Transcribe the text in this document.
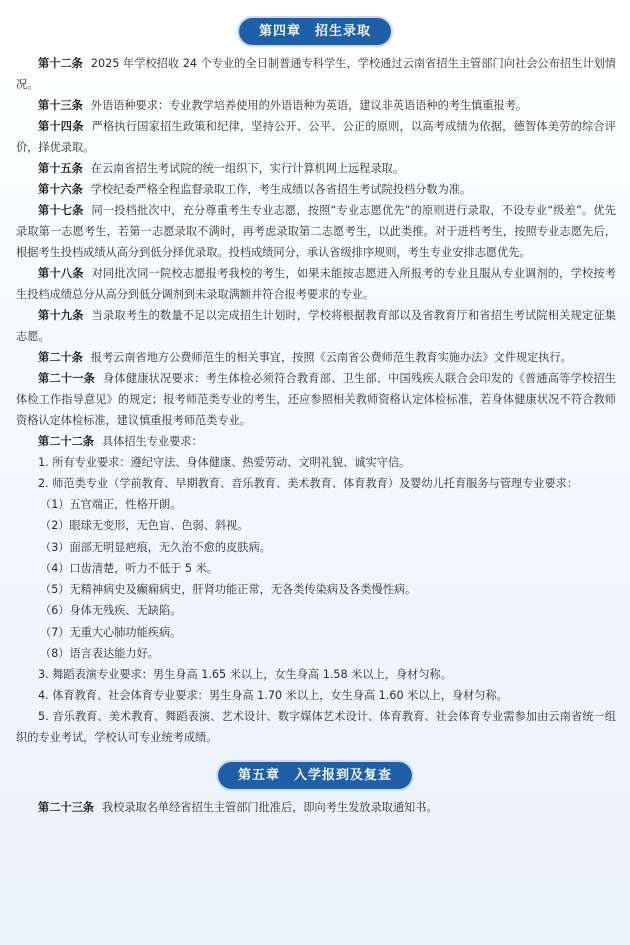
第四章　招生录取

第十二条 2025 年学校招收 24 个专业的全日制普通专科学生，学校通过云南省招生主管部门向社会公布招生计划情况。

第十三条 外语语种要求：专业教学培养使用的外语语种为英语，建议非英语语种的考生慎重报考。

第十四条 严格执行国家招生政策和纪律，坚持公开、公平、公正的原则，以高考成绩为依据，德智体美劳的综合评价，择优录取。

第十五条 在云南省招生考试院的统一组织下，实行计算机网上远程录取。

第十六条 学校纪委严格全程监督录取工作，考生成绩以各省招生考试院投档分数为准。

第十七条 同一投档批次中，充分尊重考生专业志愿，按照“专业志愿优先”的原则进行录取，不设专业“级差”。优先录取第一志愿考生，若第一志愿录取不满时，再考虑录取第二志愿考生，以此类推。对于进档考生，按照专业志愿先后，根据考生投档成绩从高分到低分择优录取。投档成绩同分，承认省级排序规则，考生专业安排志愿优先。

第十八条 对同批次同一院校志愿报考我校的考生，如果未能按志愿进入所报考的专业且服从专业调剂的，学校按考生投档成绩总分从高分到低分调剂到未录取满额并符合报考要求的专业。

第十九条 当录取考生的数量不足以完成招生计划时，学校将根据教育部以及省教育厅和省招生考试院相关规定征集志愿。

第二十条 报考云南省地方公费师范生的相关事宜，按照《云南省公费师范生教育实施办法》文件规定执行。

第二十一条 身体健康状况要求：考生体检必须符合教育部、卫生部、中国残疾人联合会印发的《普通高等学校招生体检工作指导意见》的规定；报考师范类专业的考生，还应参照相关教师资格认定体检标准，若身体健康状况不符合教师资格认定体检标准，建议慎重报考师范类专业。

第二十二条 具体招生专业要求：

1. 所有专业要求：遵纪守法、身体健康、热爱劳动、文明礼貌、诚实守信。

2. 师范类专业（学前教育、早期教育、音乐教育、美术教育、体育教育）及婴幼儿托育服务与管理专业要求：

（1）五官端正，性格开朗。
（2）眼球无变形，无色盲、色弱、斜视。
（3）面部无明显疤痕，无久治不愈的皮肤病。
（4）口齿清楚，听力不低于 5 米。
（5）无精神病史及癫痫病史，肝肾功能正常，无各类传染病及各类慢性病。
（6）身体无残疾、无缺陷。
（7）无重大心肺功能疾病。
（8）语言表达能力好。

3. 舞蹈表演专业要求：男生身高 1.65 米以上，女生身高 1.58 米以上，身材匀称。

4. 体育教育、社会体育专业要求：男生身高 1.70 米以上，女生身高 1.60 米以上，身材匀称。

5. 音乐教育、美术教育、舞蹈表演、艺术设计、数字媒体艺术设计、体育教育、社会体育专业需参加由云南省统一组织的专业考试，学校认可专业统考成绩。

第五章　入学报到及复查

第二十三条 我校录取名单经省招生主管部门批准后，即向考生发放录取通知书。
